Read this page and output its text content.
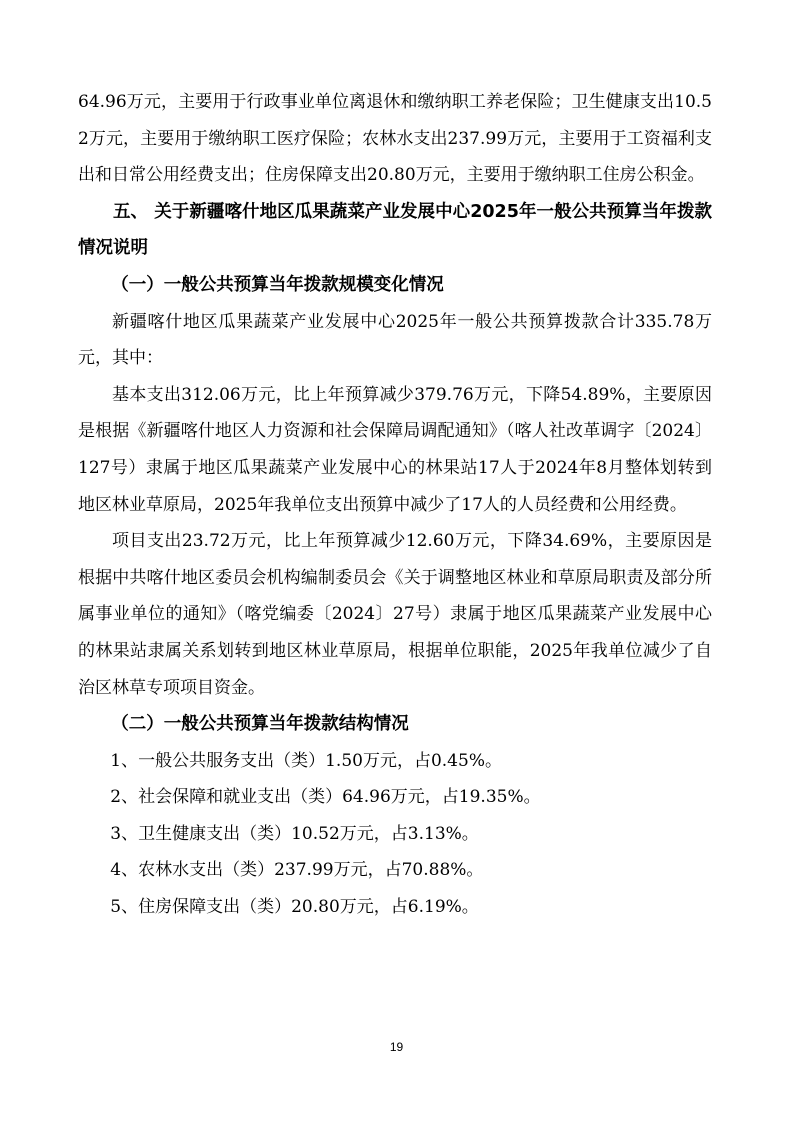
64.96万元，主要用于行政事业单位离退休和缴纳职工养老保险；卫生健康支出10.52万元，主要用于缴纳职工医疗保险；农林水支出237.99万元，主要用于工资福利支出和日常公用经费支出；住房保障支出20.80万元，主要用于缴纳职工住房公积金。

五、 关于新疆喀什地区瓜果蔬菜产业发展中心2025年一般公共预算当年拨款情况说明

（一）一般公共预算当年拨款规模变化情况

新疆喀什地区瓜果蔬菜产业发展中心2025年一般公共预算拨款合计335.78万元，其中：

基本支出312.06万元，比上年预算减少379.76万元，下降54.89%，主要原因是根据《新疆喀什地区人力资源和社会保障局调配通知》（喀人社改革调字〔2024〕127号）隶属于地区瓜果蔬菜产业发展中心的林果站17人于2024年8月整体划转到地区林业草原局，2025年我单位支出预算中减少了17人的人员经费和公用经费。

项目支出23.72万元，比上年预算减少12.60万元，下降34.69%，主要原因是根据中共喀什地区委员会机构编制委员会《关于调整地区林业和草原局职责及部分所属事业单位的通知》（喀党编委〔2024〕27号）隶属于地区瓜果蔬菜产业发展中心的林果站隶属关系划转到地区林业草原局，根据单位职能，2025年我单位减少了自治区林草专项项目资金。

（二）一般公共预算当年拨款结构情况

1、一般公共服务支出（类）1.50万元，占0.45%。

2、社会保障和就业支出（类）64.96万元，占19.35%。

3、卫生健康支出（类）10.52万元，占3.13%。

4、农林水支出（类）237.99万元，占70.88%。

5、住房保障支出（类）20.80万元，占6.19%。

19
